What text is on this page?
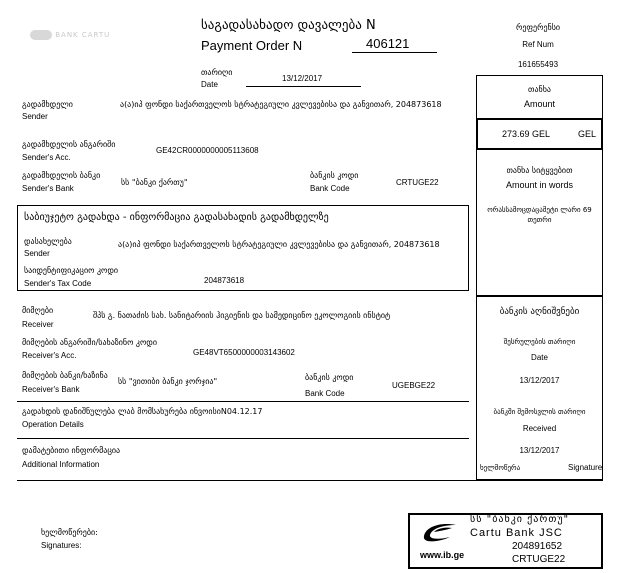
BANK CARTU
საგადასახადო დავალება N
Payment Order N	406121
რეფერენსი
Ref Num
161655493
თარიღი
Date
13/12/2017
გადამხდელი
Sender
ა(ა)იპ ფონდი საქართველოს სტრატეგიული კვლევებისა და განვითარ, 204873618
გადამხდელის ანგარიში
Sender's Acc.
GE42CR0000000005113608
გადამხდელის ბანკი
Sender's Bank
სს "ბანკი ქართუ"
ბანკის კოდი
Bank Code
CRTUGE22
თანხა
Amount
273.69 GEL	GEL
თანხა სიტყვებით
Amount in words
ორასსამოცდაცამეტი ლარი 69
თეთრი
საბიუჯეტო გადახდა - ინფორმაცია გადასახადის გადამხდელზე
დასახელება
Sender
ა(ა)იპ ფონდი საქართველოს სტრატეგიული კვლევებისა და განვითარ, 204873618
საიდენტიფიკაციო კოდი
Sender's Tax Code	204873618
ბანკის აღნიშვნები
შესრულების თარიღი
Date
13/12/2017
ბანკში შემოსვლის თარიღი
Received
13/12/2017
ხელმოწერა	Signature
მიმღები
Receiver
შპს გ. ნათაძის სახ. სანიტარიის ჰიგიენის და სამედიცინო ეკოლოგიის ინსტიტ
მიმღების ანგარიში/სახაზინო კოდი
Receiver's Acc.	GE48VT6500000003143602
მიმღების ბანკი/ხაზინა
Receiver's Bank
სს "ვითიბი ბანკი ჯორჯია"	ბანკის კოდი
Bank Code
UGEBGE22
გადახდის დანიშნულება
Operation Details
ლაბ მომსახურება ინვოისიN04.12.17
დამატებითი ინფორმაცია
Additional Information
ხელმოწერები:
Signatures:
სს "ბანკი ქართუ"
Cartu Bank JSC
204891652
CRTUGE22
www.ib.ge
